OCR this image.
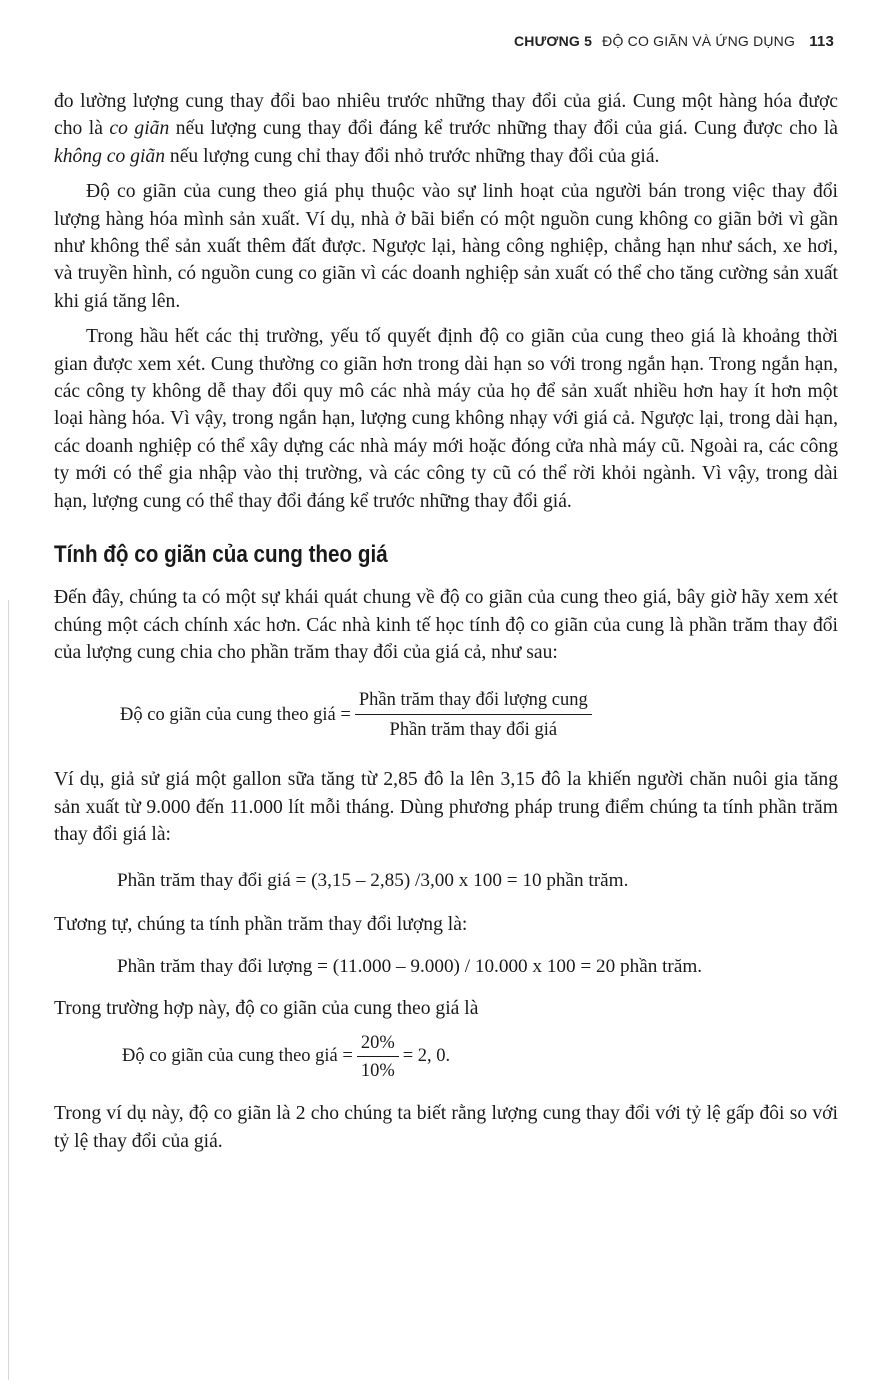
CHƯƠNG 5 ĐỘ CO GIÃN VÀ ỨNG DỤNG 113

đo lường lượng cung thay đổi bao nhiêu trước những thay đổi của giá. Cung một hàng hóa được cho là co giãn nếu lượng cung thay đổi đáng kể trước những thay đổi của giá. Cung được cho là không co giãn nếu lượng cung chỉ thay đổi nhỏ trước những thay đổi của giá.

Độ co giãn của cung theo giá phụ thuộc vào sự linh hoạt của người bán trong việc thay đổi lượng hàng hóa mình sản xuất. Ví dụ, nhà ở bãi biển có một nguồn cung không co giãn bởi vì gần như không thể sản xuất thêm đất được. Ngược lại, hàng công nghiệp, chẳng hạn như sách, xe hơi, và truyền hình, có nguồn cung co giãn vì các doanh nghiệp sản xuất có thể cho tăng cường sản xuất khi giá tăng lên.

Trong hầu hết các thị trường, yếu tố quyết định độ co giãn của cung theo giá là khoảng thời gian được xem xét. Cung thường co giãn hơn trong dài hạn so với trong ngắn hạn. Trong ngắn hạn, các công ty không dễ thay đổi quy mô các nhà máy của họ để sản xuất nhiều hơn hay ít hơn một loại hàng hóa. Vì vậy, trong ngắn hạn, lượng cung không nhạy với giá cả. Ngược lại, trong dài hạn, các doanh nghiệp có thể xây dựng các nhà máy mới hoặc đóng cửa nhà máy cũ. Ngoài ra, các công ty mới có thể gia nhập vào thị trường, và các công ty cũ có thể rời khỏi ngành. Vì vậy, trong dài hạn, lượng cung có thể thay đổi đáng kể trước những thay đổi giá.

Tính độ co giãn của cung theo giá

Đến đây, chúng ta có một sự khái quát chung về độ co giãn của cung theo giá, bây giờ hãy xem xét chúng một cách chính xác hơn. Các nhà kinh tế học tính độ co giãn của cung là phần trăm thay đổi của lượng cung chia cho phần trăm thay đổi của giá cả, như sau:

Độ co giãn của cung theo giá = $\frac{\text{Phần trăm thay đổi lượng cung}}{\text{Phần trăm thay đổi giá}}$

Ví dụ, giả sử giá một gallon sữa tăng từ 2,85 đô la lên 3,15 đô la khiến người chăn nuôi gia tăng sản xuất từ 9.000 đến 11.000 lít mỗi tháng. Dùng phương pháp trung điểm chúng ta tính phần trăm thay đổi giá là:

Phần trăm thay đổi giá = (3,15 – 2,85) /3,00 x 100 = 10 phần trăm.

Tương tự, chúng ta tính phần trăm thay đổi lượng là:

Phần trăm thay đổi lượng = (11.000 – 9.000) / 10.000 x 100 = 20 phần trăm.

Trong trường hợp này, độ co giãn của cung theo giá là

Độ co giãn của cung theo giá = $\frac{20\%}{10\%} = 2$, 0.

Trong ví dụ này, độ co giãn là 2 cho chúng ta biết rằng lượng cung thay đổi với tỷ lệ gấp đôi so với tỷ lệ thay đổi của giá.
